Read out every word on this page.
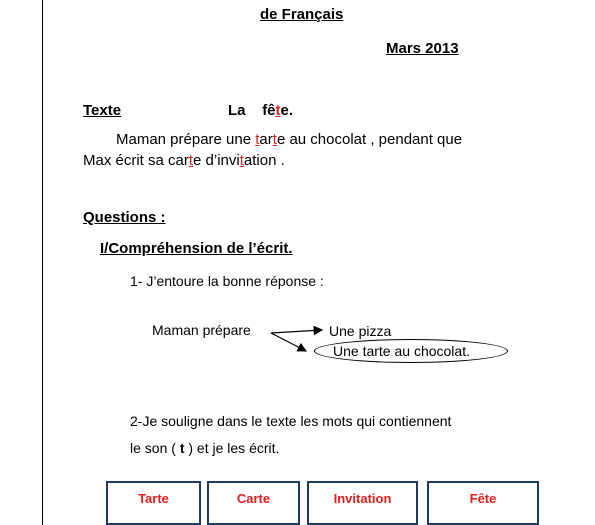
de Français
Mars 2013
Texte	La fête.
Maman prépare une tarte au chocolat , pendant que
Max écrit sa carte d’invitation .
Questions :
I/Compréhension de l’écrit.
1- J’entoure la bonne réponse :
Maman prépare	Une pizza
Une tarte au chocolat.
2-Je souligne dans le texte les mots qui contiennent
le son ( t ) et je les écrit.
Tarte	Carte	Invitation	Fête
